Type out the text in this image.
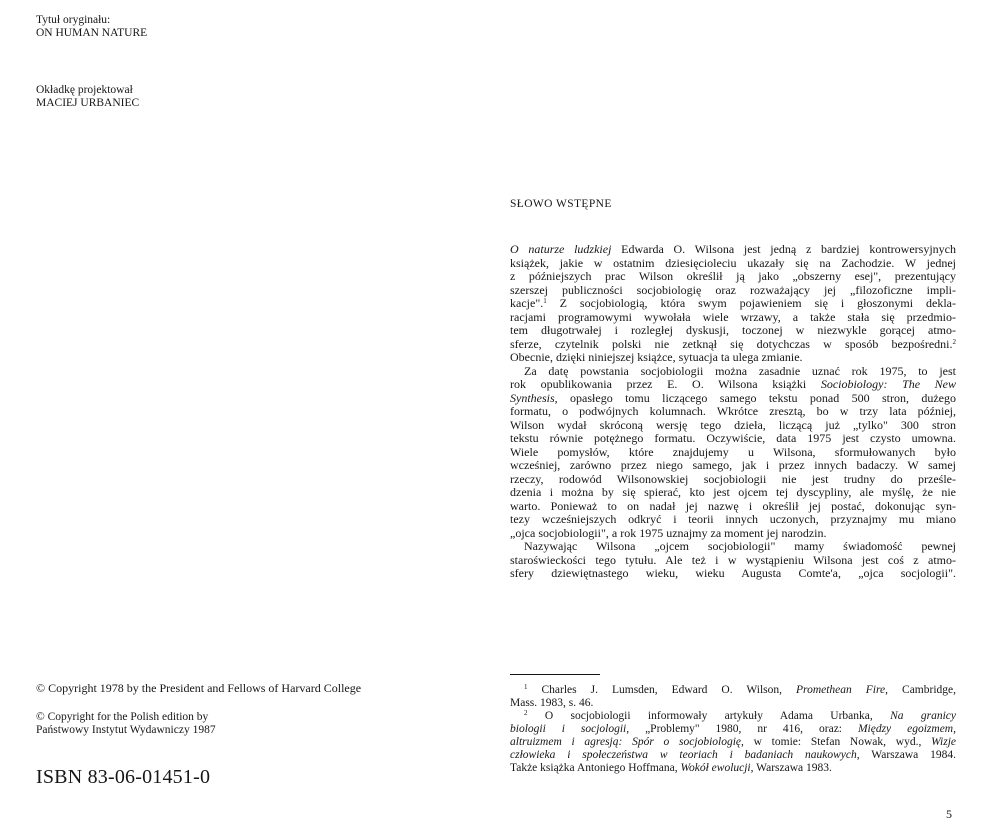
Tytuł oryginału:
ON HUMAN NATURE
Okładkę projektował
MACIEJ URBANIEC
© Copyright 1978 by the President and Fellows of Harvard College
© Copyright for the Polish edition by
Państwowy Instytut Wydawniczy 1987
ISBN 83-06-01451-0
SŁOWO WSTĘPNE
O naturze ludzkiej Edwarda O. Wilsona jest jedną z bardziej kontrowersyjnych
książek, jakie w ostatnim dziesięcioleciu ukazały się na Zachodzie. W jednej
z późniejszych prac Wilson określił ją jako „obszerny esej", prezentujący
szerszej publiczności socjobiologię oraz rozważający jej „filozoficzne impli-
kacje".$^1$ Z socjobiologią, która swym pojawieniem się i głoszonymi dekla-
racjami programowymi wywołała wiele wrzawy, a także stała się przedmio-
tem długotrwałej i rozległej dyskusji, toczonej w niezwykle gorącej atmo-
sferze, czytelnik polski nie zetknął się dotychczas w sposób bezpośredni.$^2$
Obecnie, dzięki niniejszej książce, sytuacja ta ulega zmianie.
Za datę powstania socjobiologii można zasadnie uznać rok 1975, to jest
rok opublikowania przez E. O. Wilsona książki Sociobiology: The New
Synthesis, opasłego tomu liczącego samego tekstu ponad 500 stron, dużego
formatu, o podwójnych kolumnach. Wkrótce zresztą, bo w trzy lata później,
Wilson wydał skróconą wersję tego dzieła, liczącą już „tylko" 300 stron
tekstu równie potężnego formatu. Oczywiście, data 1975 jest czysto umowna.
Wiele pomysłów, które znajdujemy u Wilsona, sformułowanych było
wcześniej, zarówno przez niego samego, jak i przez innych badaczy. W samej
rzeczy, rodowód Wilsonowskiej socjobiologii nie jest trudny do prześle-
dzenia i można by się spierać, kto jest ojcem tej dyscypliny, ale myślę, że nie
warto. Ponieważ to on nadał jej nazwę i określił jej postać, dokonując syn-
tezy wcześniejszych odkryć i teorii innych uczonych, przyznajmy mu miano
„ojca socjobiologii", a rok 1975 uznajmy za moment jej narodzin.
Nazywając Wilsona „ojcem socjobiologii" mamy świadomość pewnej
staroświeckości tego tytułu. Ale też i w wystąpieniu Wilsona jest coś z atmo-
sfery dziewiętnastego wieku, wieku Augusta Comte'a, „ojca socjologii".
$^1$ Charles J. Lumsden, Edward O. Wilson, Promethean Fire, Cambridge,
Mass. 1983, s. 46.
$^2$ O socjobiologii informowały artykuły Adama Urbanka, Na granicy
biologii i socjologii, „Problemy" 1980, nr 416, oraz: Między egoizmem,
altruizmem i agresją: Spór o socjobiologię, w tomie: Stefan Nowak, wyd., Wizje
człowieka i społeczeństwa w teoriach i badaniach naukowych, Warszawa 1984.
Także książka Antoniego Hoffmana, Wokół ewolucji, Warszawa 1983.
5
